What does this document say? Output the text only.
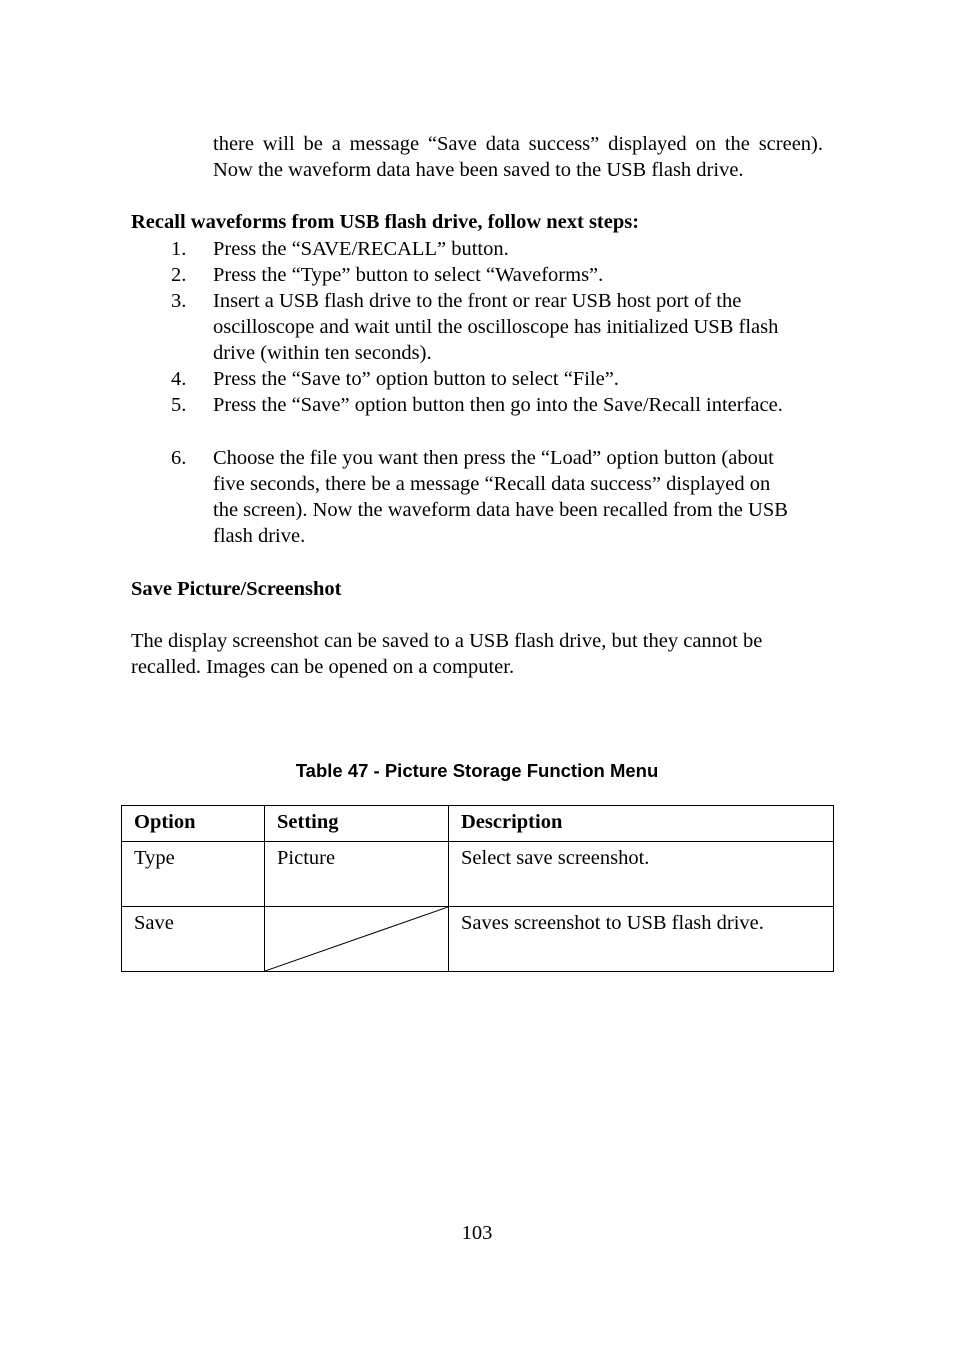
there will be a message “Save data success” displayed on the screen). Now the waveform data have been saved to the USB flash drive.
Recall waveforms from USB flash drive, follow next steps:
1.	Press the “SAVE/RECALL” button.
2.	Press the “Type” button to select “Waveforms”.
3.	Insert a USB flash drive to the front or rear USB host port of the oscilloscope and wait until the oscilloscope has initialized USB flash drive (within ten seconds).
4.	Press the “Save to” option button to select “File”.
5.	Press the “Save” option button then go into the Save/Recall interface.
6.	Choose the file you want then press the “Load” option button (about five seconds, there be a message “Recall data success” displayed on the screen). Now the waveform data have been recalled from the USB flash drive.
Save Picture/Screenshot
The display screenshot can be saved to a USB flash drive, but they cannot be recalled. Images can be opened on a computer.
Table 47 - Picture Storage Function Menu
Option	Setting	Description
Type	Picture	Select save screenshot.
Save		Saves screenshot to USB flash drive.
103
